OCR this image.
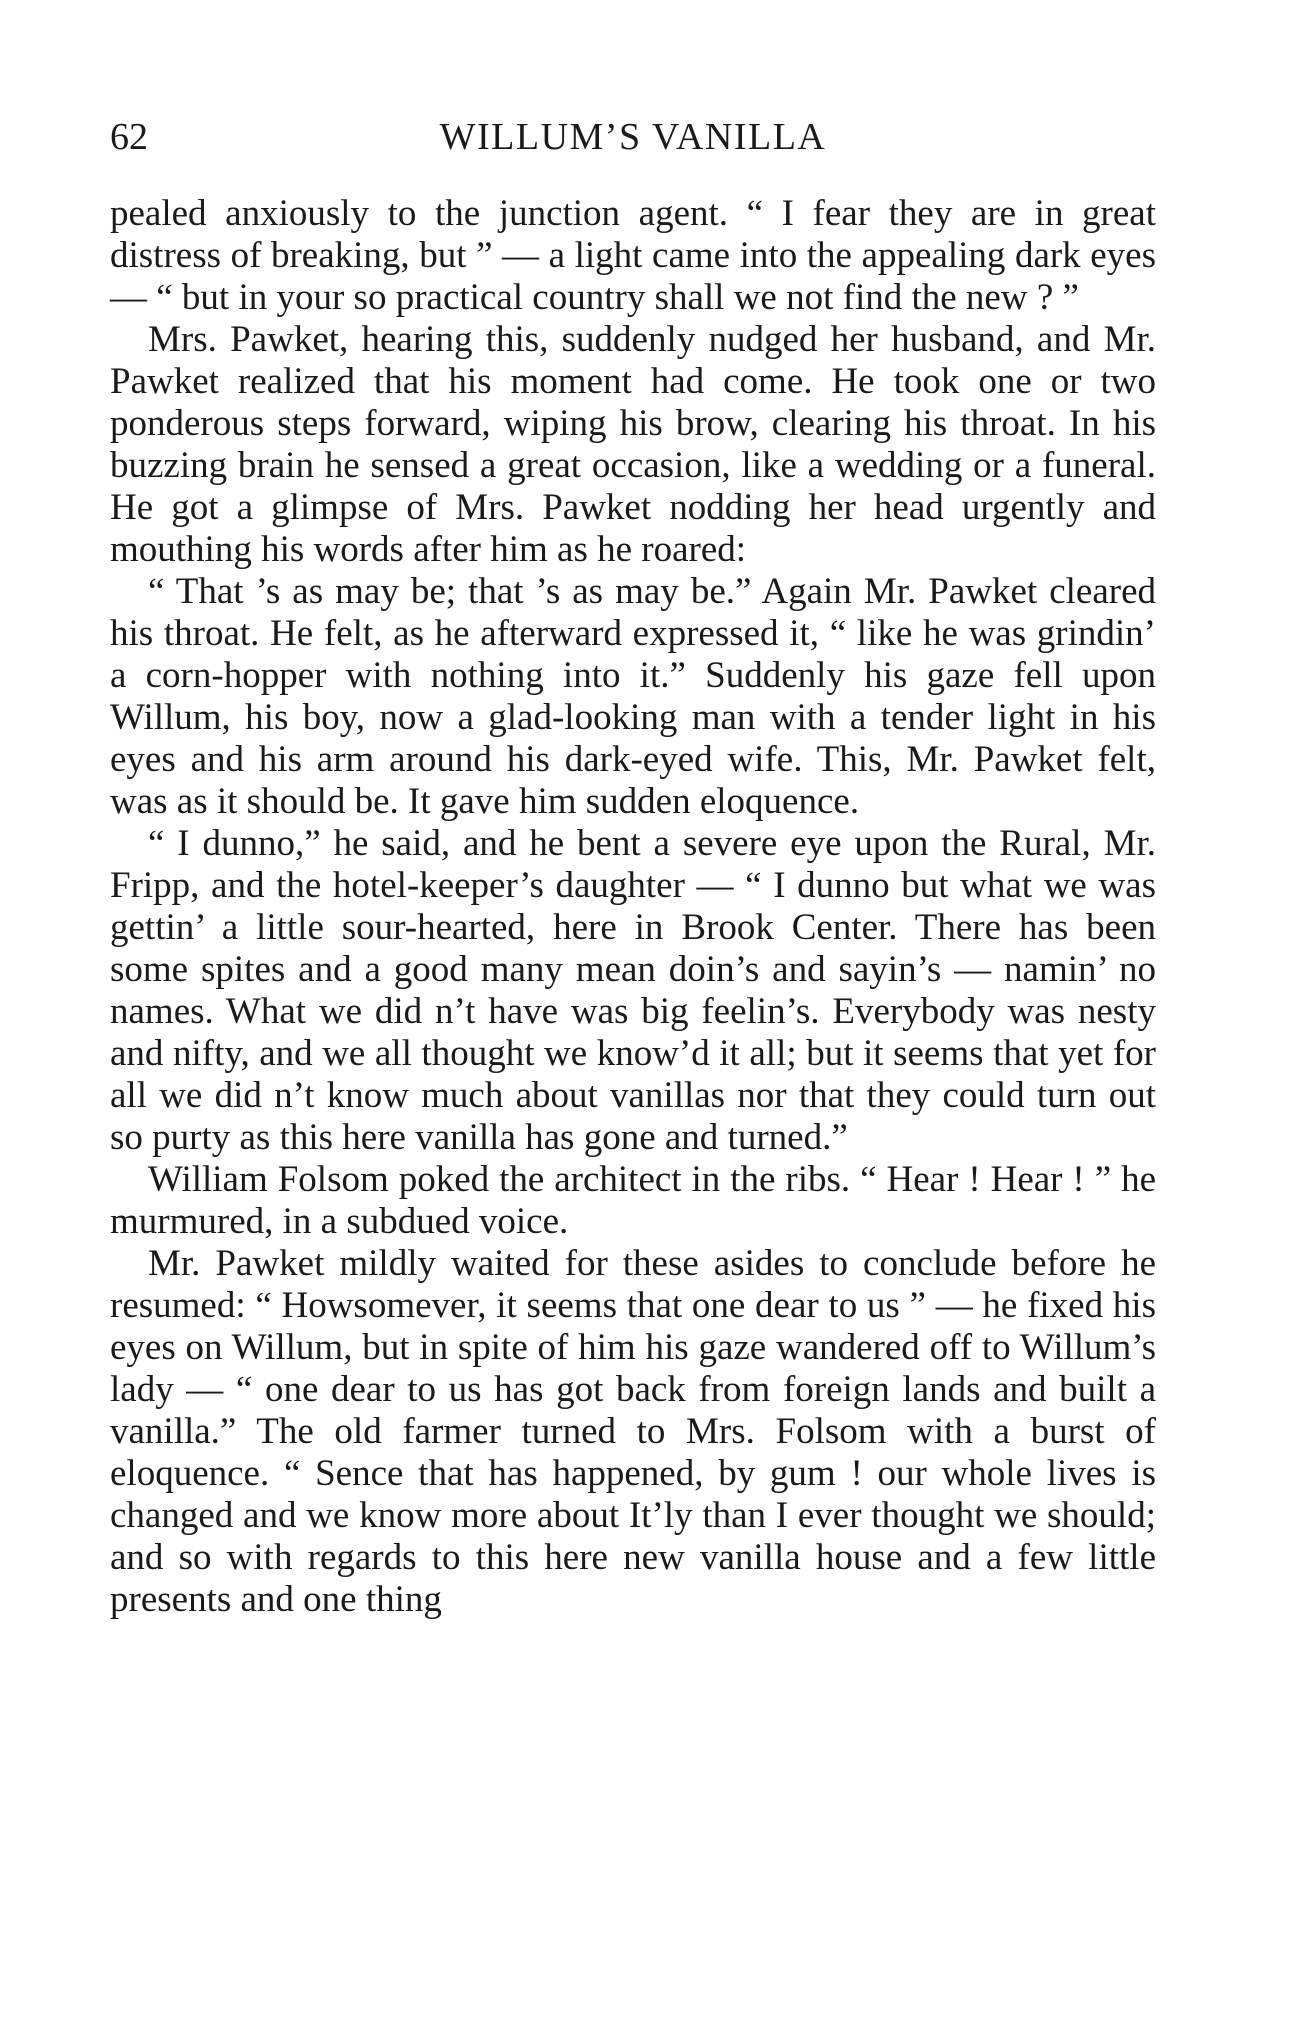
62	WILLUM’S VANILLA

pealed anxiously to the junction agent. “ I fear they are in great distress of breaking, but ” — a light came into the appealing dark eyes — “ but in your so practical country shall we not find the new ? ”

Mrs. Pawket, hearing this, suddenly nudged her husband, and Mr. Pawket realized that his moment had come. He took one or two ponderous steps forward, wiping his brow, clearing his throat. In his buzzing brain he sensed a great occasion, like a wedding or a funeral. He got a glimpse of Mrs. Pawket nodding her head urgently and mouthing his words after him as he roared:

“ That ’s as may be; that ’s as may be.” Again Mr. Pawket cleared his throat. He felt, as he afterward expressed it, “ like he was grindin’ a corn-hopper with nothing into it.” Suddenly his gaze fell upon Willum, his boy, now a glad-looking man with a tender light in his eyes and his arm around his dark-eyed wife. This, Mr. Pawket felt, was as it should be. It gave him sudden eloquence.

“ I dunno,” he said, and he bent a severe eye upon the Rural, Mr. Fripp, and the hotel-keeper’s daughter — “ I dunno but what we was gettin’ a little sour-hearted, here in Brook Center. There has been some spites and a good many mean doin’s and sayin’s — namin’ no names. What we did n’t have was big feelin’s. Everybody was nesty and nifty, and we all thought we know’d it all; but it seems that yet for all we did n’t know much about vanillas nor that they could turn out so purty as this here vanilla has gone and turned.”

William Folsom poked the architect in the ribs. “ Hear ! Hear ! ” he murmured, in a subdued voice.

Mr. Pawket mildly waited for these asides to conclude before he resumed: “ Howsomever, it seems that one dear to us ” — he fixed his eyes on Willum, but in spite of him his gaze wandered off to Willum’s lady — “ one dear to us has got back from foreign lands and built a vanilla.” The old farmer turned to Mrs. Folsom with a burst of eloquence. “ Sence that has happened, by gum ! our whole lives is changed and we know more about It’ly than I ever thought we should; and so with regards to this here new vanilla house and a few little presents and one thing
